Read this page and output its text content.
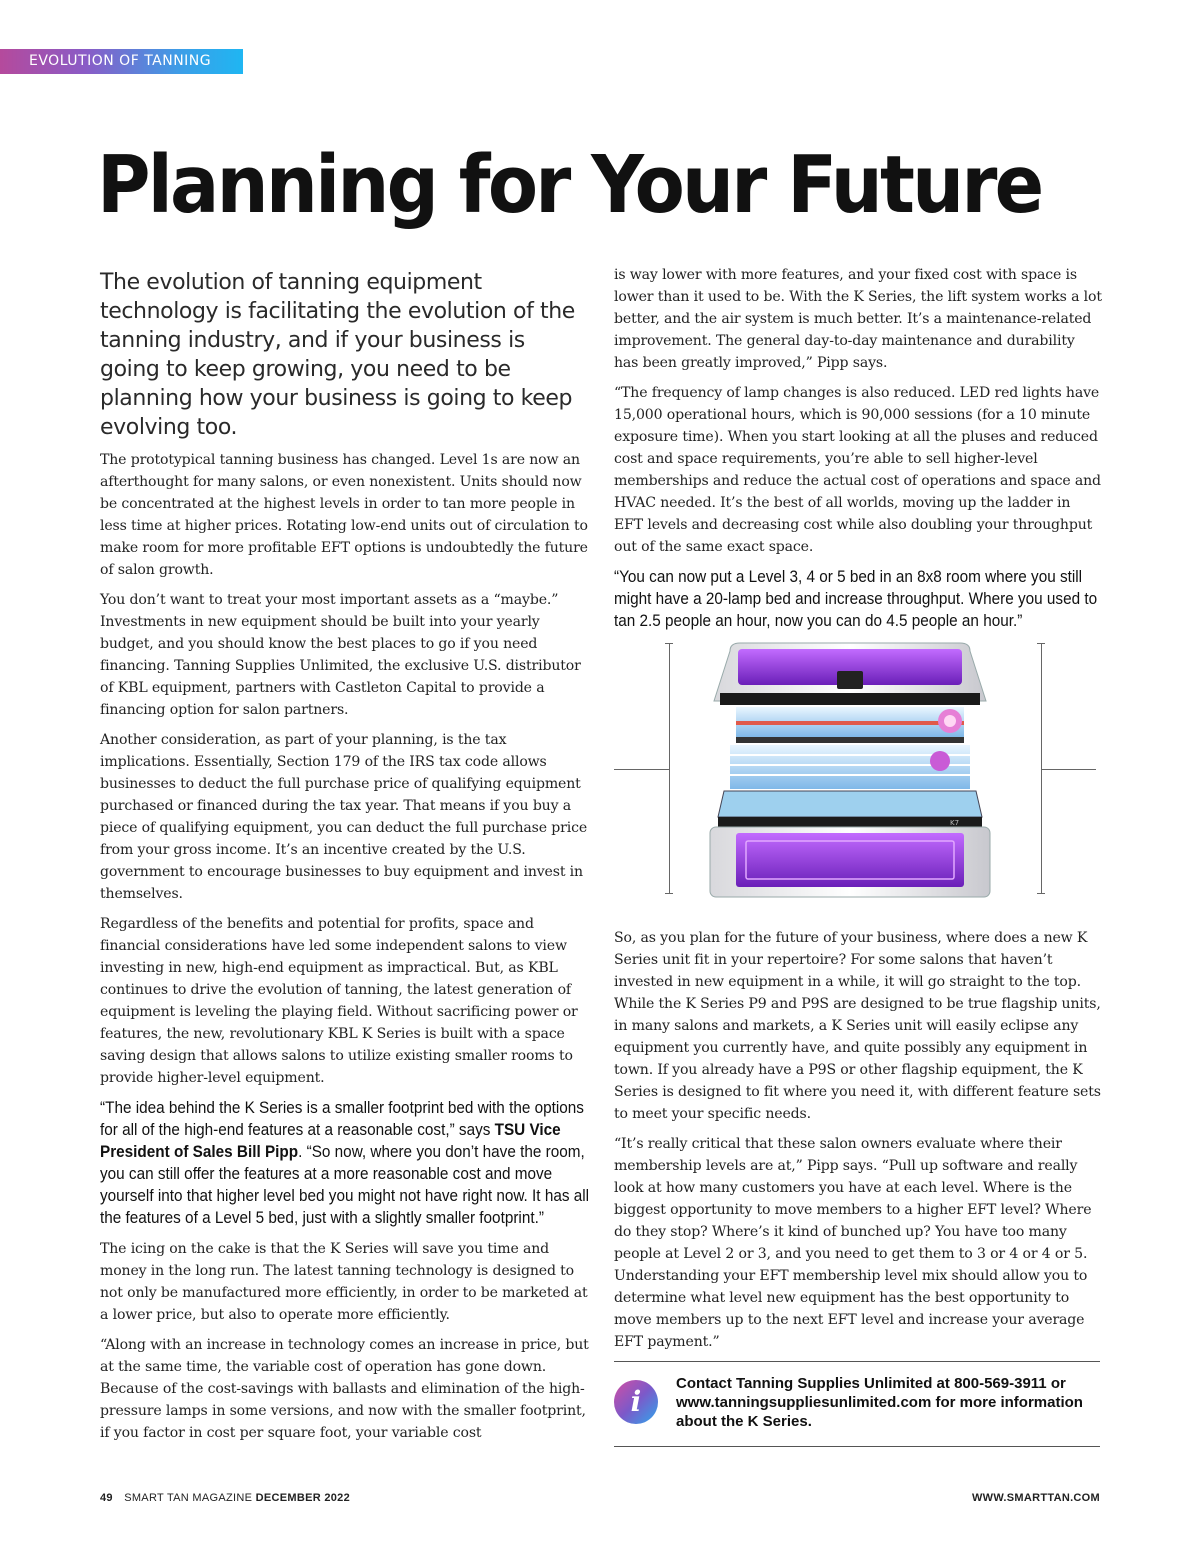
EVOLUTION OF TANNING
Planning for Your Future

The evolution of tanning equipment technology is facilitating the evolution of the tanning industry, and if your business is going to keep growing, you need to be planning how your business is going to keep evolving too.

The prototypical tanning business has changed. Level 1s are now an afterthought for many salons, or even nonexistent. Units should now be concentrated at the highest levels in order to tan more people in less time at higher prices. Rotating low-end units out of circulation to make room for more profitable EFT options is undoubtedly the future of salon growth.

You don’t want to treat your most important assets as a “maybe.” Investments in new equipment should be built into your yearly budget, and you should know the best places to go if you need financing. Tanning Supplies Unlimited, the exclusive U.S. distributor of KBL equipment, partners with Castleton Capital to provide a financing option for salon partners.

Another consideration, as part of your planning, is the tax implications. Essentially, Section 179 of the IRS tax code allows businesses to deduct the full purchase price of qualifying equipment purchased or financed during the tax year. That means if you buy a piece of qualifying equipment, you can deduct the full purchase price from your gross income. It’s an incentive created by the U.S. government to encourage businesses to buy equipment and invest in themselves.

Regardless of the benefits and potential for profits, space and financial considerations have led some independent salons to view investing in new, high-end equipment as impractical. But, as KBL continues to drive the evolution of tanning, the latest generation of equipment is leveling the playing field. Without sacrificing power or features, the new, revolutionary KBL K Series is built with a space saving design that allows salons to utilize existing smaller rooms to provide higher-level equipment.

“The idea behind the K Series is a smaller footprint bed with the options for all of the high-end features at a reasonable cost,” says TSU Vice President of Sales Bill Pipp. “So now, where you don’t have the room, you can still offer the features at a more reasonable cost and move yourself into that higher level bed you might not have right now. It has all the features of a Level 5 bed, just with a slightly smaller footprint.”

The icing on the cake is that the K Series will save you time and money in the long run. The latest tanning technology is designed to not only be manufactured more efficiently, in order to be marketed at a lower price, but also to operate more efficiently.

“Along with an increase in technology comes an increase in price, but at the same time, the variable cost of operation has gone down. Because of the cost-savings with ballasts and elimination of the high-pressure lamps in some versions, and now with the smaller footprint, if you factor in cost per square foot, your variable cost

is way lower with more features, and your fixed cost with space is lower than it used to be. With the K Series, the lift system works a lot better, and the air system is much better. It’s a maintenance-related improvement. The general day-to-day maintenance and durability has been greatly improved,” Pipp says.

“The frequency of lamp changes is also reduced. LED red lights have 15,000 operational hours, which is 90,000 sessions (for a 10 minute exposure time). When you start looking at all the pluses and reduced cost and space requirements, you’re able to sell higher-level memberships and reduce the actual cost of operations and space and HVAC needed. It’s the best of all worlds, moving up the ladder in EFT levels and decreasing cost while also doubling your throughput out of the same exact space.

“You can now put a Level 3, 4 or 5 bed in an 8x8 room where you still might have a 20-lamp bed and increase throughput. Where you used to tan 2.5 people an hour, now you can do 4.5 people an hour.”

K7

So, as you plan for the future of your business, where does a new K Series unit fit in your repertoire? For some salons that haven’t invested in new equipment in a while, it will go straight to the top. While the K Series P9 and P9S are designed to be true flagship units, in many salons and markets, a K Series unit will easily eclipse any equipment you currently have, and quite possibly any equipment in town. If you already have a P9S or other flagship equipment, the K Series is designed to fit where you need it, with different feature sets to meet your specific needs.

“It’s really critical that these salon owners evaluate where their membership levels are at,” Pipp says. “Pull up software and really look at how many customers you have at each level. Where is the biggest opportunity to move members to a higher EFT level? Where do they stop? Where’s it kind of bunched up? You have too many people at Level 2 or 3, and you need to get them to 3 or 4 or 4 or 5. Understanding your EFT membership level mix should allow you to determine what level new equipment has the best opportunity to move members up to the next EFT level and increase your average EFT payment.”

i
Contact Tanning Supplies Unlimited at 800-569-3911 or www.tanningsuppliesunlimited.com for more information about the K Series.
49 SMART TAN MAGAZINE DECEMBER 2022	WWW.SMARTTAN.COM
